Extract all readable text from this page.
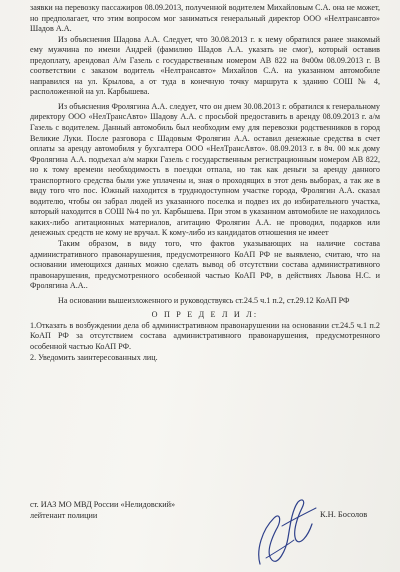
заявки на перевозку пассажиров 08.09.2013, полученной водителем Михайловым С.А. она не может, но предполагает, что этим вопросом мог заниматься генеральный директор ООО «Нелтрансавто» Шадов А.А.

Из объяснения Шадова А.А. Следует, что 30.08.2013 г. к нему обратился ранее знакомый ему мужчина по имени Андрей (фамилию Шадов А.А. указать не смог), который оставив предоплату, арендовал А/м Газель с государственным номером АВ 822 на 8ч00м 08.09.2013 г. В соответствии с заказом водитель «Нелтрансавто» Михайлов С.А. на указанном автомобиле направился на ул. Крылова, а от туда в конечную точку маршрута к зданию СОШ № 4, расположенной на ул. Карбышева.

Из объяснения Фролягина А.А. следует, что он днем 30.08.2013 г. обратился к генеральному директору ООО «НелТрансАвто» Шадову А.А. с просьбой предоставить в аренду 08.09.2013 г. а/м Газель с водителем. Данный автомобиль был необходим ему для перевозки родственников в город Великие Луки. После разговора с Шадовым Фролягин А.А. оставил денежные средства в счет оплаты за аренду автомобиля у бухгалтера ООО «НелТрансАвто». 08.09.2013 г. в 8ч. 00 м.к дому Фролягина А.А. подъехал а/м марки Газель с государственным регистрационным номером АВ 822, но к тому времени необходимость в поездки отпала, но так как деньги за аренду данного транспортного средства были уже уплачены и, зная о проходящих в этот день выборах, а так же в виду того что пос. Южный находится в труднодоступном участке города, Фролягин А.А. сказал водителю, чтобы он забрал людей из указанного поселка и подвез их до избирательного участка, который находится в СОШ №4 по ул. Карбышева. При этом в указанном автомобиле не находилось каких-либо агитационных материалов, агитацию Фролягин А.А. не проводил, подарков или денежных средств не кому не вручал. К кому-либо из кандидатов отношения не имеет

Таким образом, в виду того, что фактов указывающих на наличие состава административного правонарушения, предусмотренного КоАП РФ не выявлено, считаю, что на основании имеющихся данных можно сделать вывод об отсутствии состава административного правонарушения, предусмотренного особенной частью КоАП РФ, в действиях Львова Н.С. и Фролягина А.А..

На основании вышеизложенного и руководствуясь ст.24.5 ч.1 п.2, ст.29.12 КоАП РФ

О П Р Е Д Е Л И Л:

1.Отказать в возбуждении дела об административном правонарушении на основании ст.24.5 ч.1 п.2 КоАП РФ за отсутствием состава административного правонарушения, предусмотренного особенной частью КоАП РФ.

2. Уведомить заинтересованных лиц.

ст. ИАЗ МО МВД России «Нелидовский»
лейтенант полиции	К.Н. Босолов
